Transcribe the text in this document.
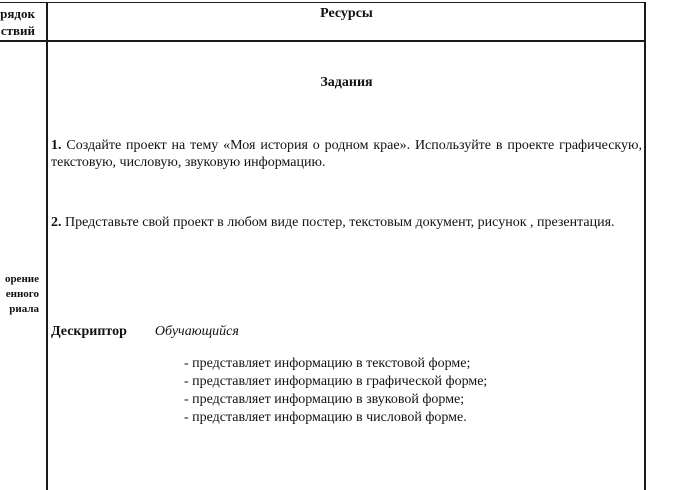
рядок
ствий
Ресурсы
орение
енного
риала
Задания
1. Создайте проект на тему «Моя история о родном крае». Используйте в проекте графическую, текстовую, числовую, звуковую информацию.
2. Представьте свой проект в любом виде постер, текстовым документ, рисунок , презентация.
Дескриптор Обучающийся
- представляет информацию в текстовой форме;
- представляет информацию в графической форме;
- представляет информацию в звуковой форме;
- представляет информацию в числовой форме.
